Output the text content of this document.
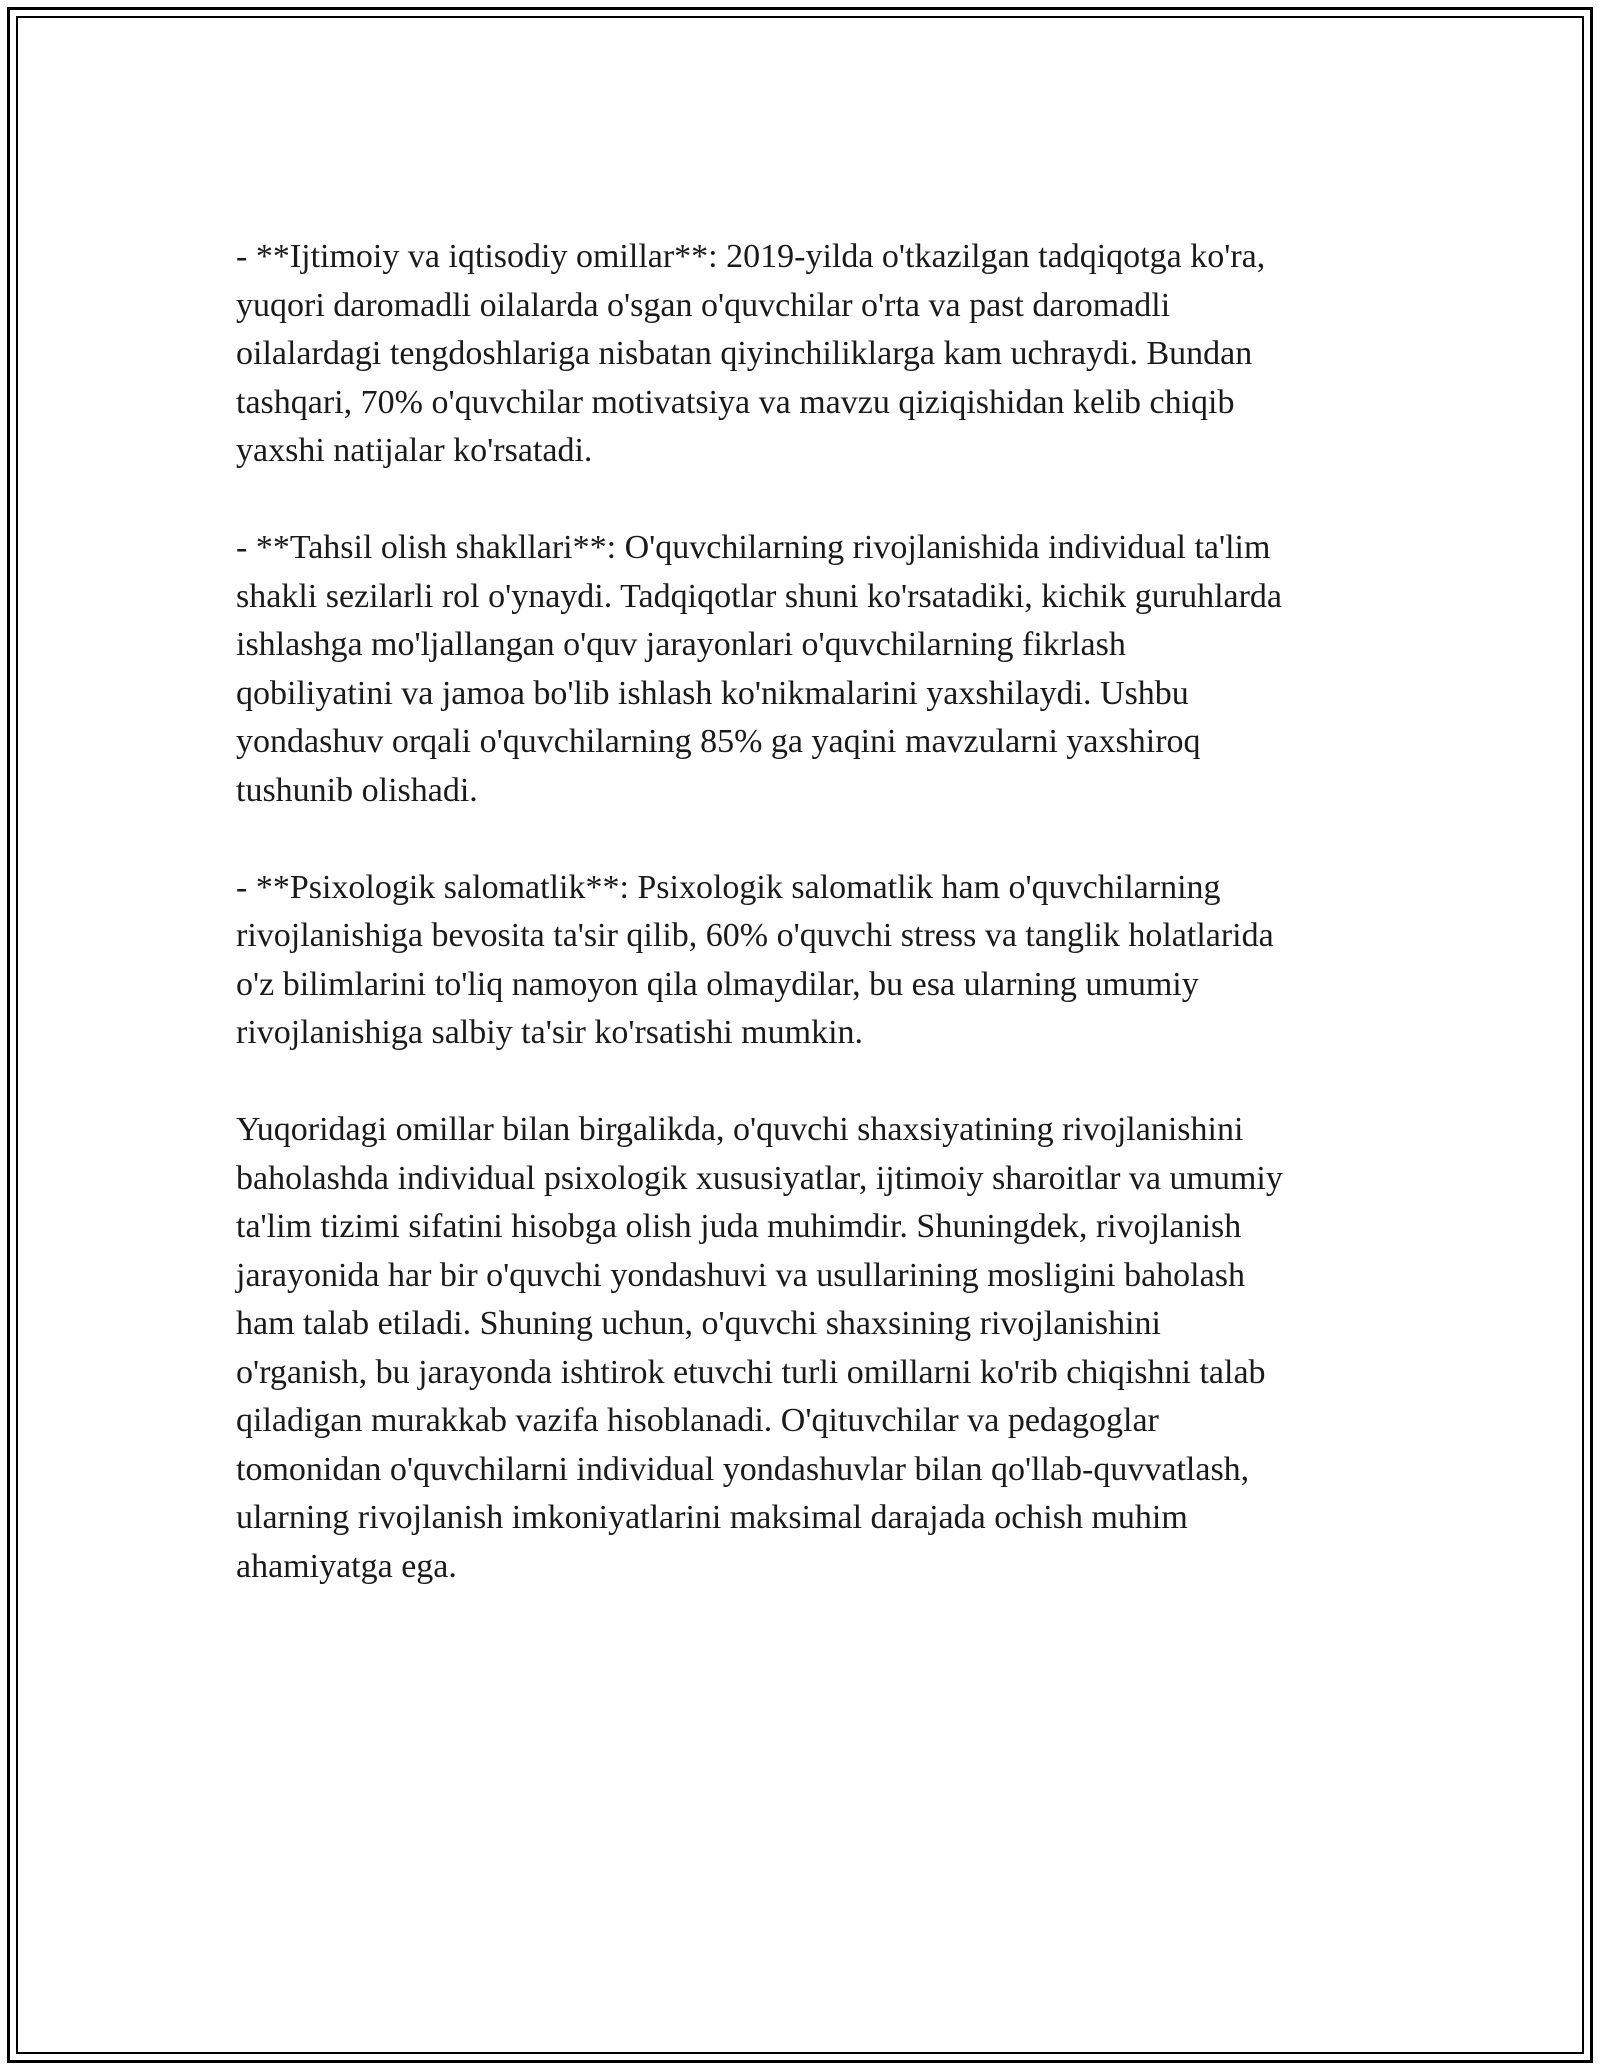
- **Ijtimoiy va iqtisodiy omillar**: 2019-yilda o'tkazilgan tadqiqotga ko'ra,
yuqori daromadli oilalarda o'sgan o'quvchilar o'rta va past daromadli
oilalardagi tengdoshlariga nisbatan qiyinchiliklarga kam uchraydi. Bundan
tashqari, 70% o'quvchilar motivatsiya va mavzu qiziqishidan kelib chiqib
yaxshi natijalar ko'rsatadi.

- **Tahsil olish shakllari**: O'quvchilarning rivojlanishida individual ta'lim
shakli sezilarli rol o'ynaydi. Tadqiqotlar shuni ko'rsatadiki, kichik guruhlarda
ishlashga mo'ljallangan o'quv jarayonlari o'quvchilarning fikrlash
qobiliyatini va jamoa bo'lib ishlash ko'nikmalarini yaxshilaydi. Ushbu
yondashuv orqali o'quvchilarning 85% ga yaqini mavzularni yaxshiroq
tushunib olishadi.

- **Psixologik salomatlik**: Psixologik salomatlik ham o'quvchilarning
rivojlanishiga bevosita ta'sir qilib, 60% o'quvchi stress va tanglik holatlarida
o'z bilimlarini to'liq namoyon qila olmaydilar, bu esa ularning umumiy
rivojlanishiga salbiy ta'sir ko'rsatishi mumkin.

Yuqoridagi omillar bilan birgalikda, o'quvchi shaxsiyatining rivojlanishini
baholashda individual psixologik xususiyatlar, ijtimoiy sharoitlar va umumiy
ta'lim tizimi sifatini hisobga olish juda muhimdir. Shuningdek, rivojlanish
jarayonida har bir o'quvchi yondashuvi va usullarining mosligini baholash
ham talab etiladi. Shuning uchun, o'quvchi shaxsining rivojlanishini
o'rganish, bu jarayonda ishtirok etuvchi turli omillarni ko'rib chiqishni talab
qiladigan murakkab vazifa hisoblanadi. O'qituvchilar va pedagoglar
tomonidan o'quvchilarni individual yondashuvlar bilan qo'llab-quvvatlash,
ularning rivojlanish imkoniyatlarini maksimal darajada ochish muhim
ahamiyatga ega.
